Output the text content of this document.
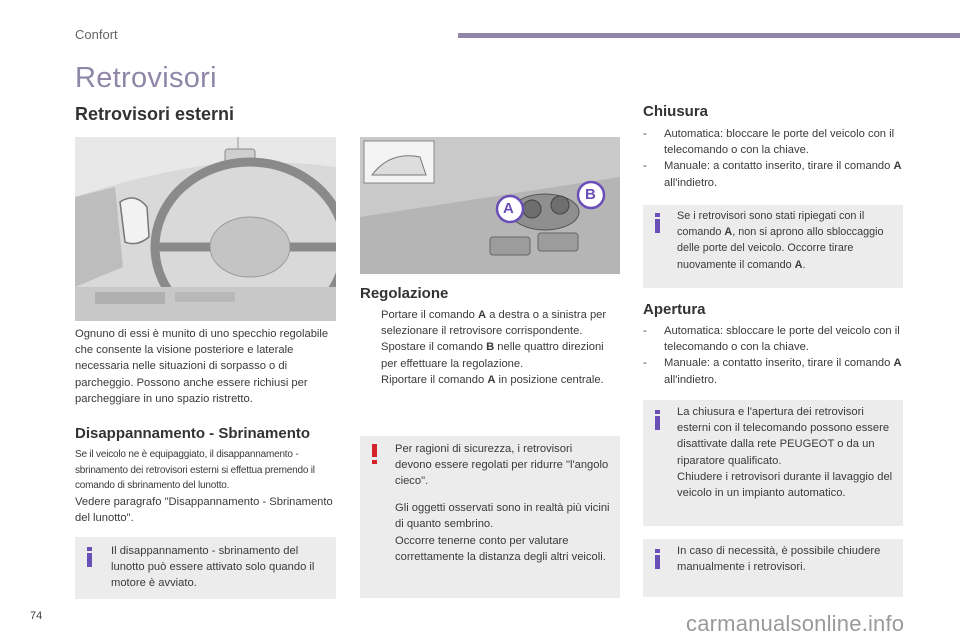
Confort
Retrovisori
Retrovisori esterni

Ognuno di essi è munito di uno specchio regolabile che consente la visione posteriore e laterale necessaria nelle situazioni di sorpasso o di parcheggio. Possono anche essere richiusi per parcheggiare in uno spazio ristretto.

Disappannamento - Sbrinamento

Se il veicolo ne è equipaggiato, il disappannamento - sbrinamento dei retrovisori esterni si effettua premendo il comando di sbrinamento del lunotto.

Vedere paragrafo "Disappannamento - Sbrinamento del lunotto".

Il disappannamento - sbrinamento del lunotto può essere attivato solo quando il motore è avviato.

A
B
Regolazione
Portare il comando A a destra o a sinistra per selezionare il retrovisore corrispondente.
Spostare il comando B nelle quattro direzioni per effettuare la regolazione.
Riportare il comando A in posizione centrale.

Per ragioni di sicurezza, i retrovisori devono essere regolati per ridurre "l'angolo cieco".

Gli oggetti osservati sono in realtà più vicini di quanto sembrino.

Occorre tenerne conto per valutare correttamente la distanza degli altri veicoli.

Chiusura
-	Automatica: bloccare le porte del veicolo con il telecomando o con la chiave.
-	Manuale: a contatto inserito, tirare il comando A all'indietro.

Se i retrovisori sono stati ripiegati con il comando A, non si aprono allo sbloccaggio delle porte del veicolo. Occorre tirare nuovamente il comando A.

Apertura
-	Automatica: sbloccare le porte del veicolo con il telecomando o con la chiave.
-	Manuale: a contatto inserito, tirare il comando A all'indietro.

La chiusura e l'apertura dei retrovisori esterni con il telecomando possono essere disattivate dalla rete PEUGEOT o da un riparatore qualificato.

Chiudere i retrovisori durante il lavaggio del veicolo in un impianto automatico.

In caso di necessità, è possibile chiudere manualmente i retrovisori.

74	carmanualsonline.info
